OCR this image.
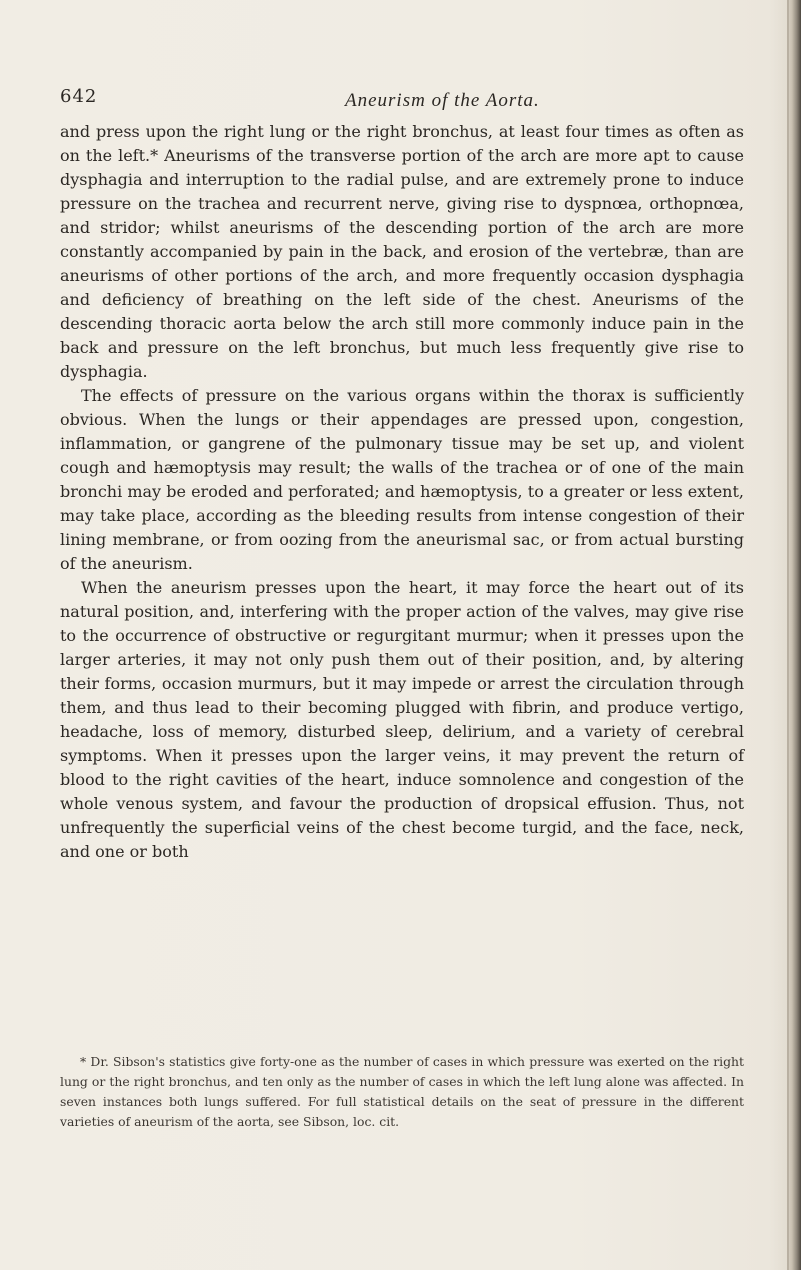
642	Aneurism of the Aorta.

and press upon the right lung or the right bronchus, at least four times as often as on the left.* Aneurisms of the transverse portion of the arch are more apt to cause dysphagia and interruption to the radial pulse, and are extremely prone to induce pressure on the trachea and recurrent nerve, giving rise to dyspnœa, orthopnœa, and stridor; whilst aneurisms of the descending portion of the arch are more constantly accompanied by pain in the back, and erosion of the vertebræ, than are aneurisms of other portions of the arch, and more frequently occasion dysphagia and deficiency of breathing on the left side of the chest. Aneurisms of the descending thoracic aorta below the arch still more commonly induce pain in the back and pressure on the left bronchus, but much less frequently give rise to dysphagia.

The effects of pressure on the various organs within the thorax is sufficiently obvious. When the lungs or their appendages are pressed upon, congestion, inflammation, or gangrene of the pulmonary tissue may be set up, and violent cough and hæmoptysis may result; the walls of the trachea or of one of the main bronchi may be eroded and perforated; and hæmoptysis, to a greater or less extent, may take place, according as the bleeding results from intense congestion of their lining membrane, or from oozing from the aneurismal sac, or from actual bursting of the aneurism.

When the aneurism presses upon the heart, it may force the heart out of its natural position, and, interfering with the proper action of the valves, may give rise to the occurrence of obstructive or regurgitant murmur; when it presses upon the larger arteries, it may not only push them out of their position, and, by altering their forms, occasion murmurs, but it may impede or arrest the circulation through them, and thus lead to their becoming plugged with fibrin, and produce vertigo, headache, loss of memory, disturbed sleep, delirium, and a variety of cerebral symptoms. When it presses upon the larger veins, it may prevent the return of blood to the right cavities of the heart, induce somnolence and congestion of the whole venous system, and favour the production of dropsical effusion. Thus, not unfrequently the superficial veins of the chest become turgid, and the face, neck, and one or both

* Dr. Sibson's statistics give forty-one as the number of cases in which pressure was exerted on the right lung or the right bronchus, and ten only as the number of cases in which the left lung alone was affected. In seven instances both lungs suffered. For full statistical details on the seat of pressure in the different varieties of aneurism of the aorta, see Sibson, loc. cit.
